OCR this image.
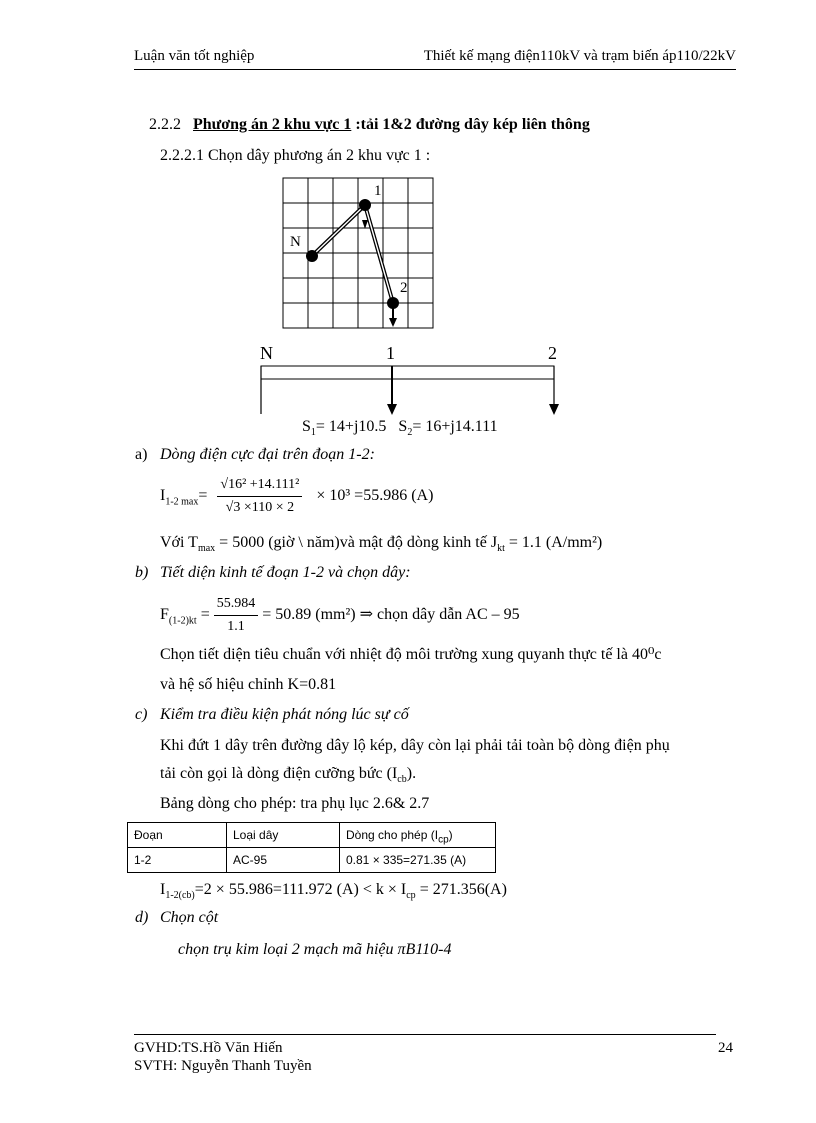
Luận văn tốt nghiệp	Thiết kế mạng điện110kV và trạm biến áp110/22kV
2.2.2 Phương án 2 khu vực 1 :tải 1&2 đường dây kép liên thông
2.2.2.1 Chọn dây phương án 2 khu vực 1 :
1
N
2
N	1	2
$S_1= 14+j10.5$ $S_2= 16+j14.111$
a) Dòng điện cực đại trên đoạn 1-2:
$I_{1-2 max}= \frac{\text{√16² +14.111²}}{√3 \times 110 \times 2} \times 10^3 =55.986$ (A)
Với $T_{max} = 5000$ (giờ \ năm)và mật độ dòng kinh tế $J_{kt} = 1.1$ (A/mm²)
b) Tiết diện kinh tế đoạn 1-2 và chọn dây:
$F_{(1-2)kt} = \frac{55.984}{1.1} = 50.89$ (mm²) ⇒ chọn dây dẫn AC – 95
Chọn tiết diện tiêu chuẩn với nhiệt độ môi trường xung quyanh thực tế là 40⁰c
và hệ số hiệu chỉnh K=0.81
c) Kiểm tra điều kiện phát nóng lúc sự cố
Khi đứt 1 dây trên đường dây lộ kép, dây còn lại phải tải toàn bộ dòng điện phụ
tải còn gọi là dòng điện cưỡng bức $(I_{cb})$.
Bảng dòng cho phép: tra phụ lục 2.6& 2.7
Đoạn	Loại dây	Dòng cho phép $(I_{cp})$
1-2	AC-95	0.81 × 335=271.35 (A)
$I_{1-2(cb)}=2 \times 55.986=111.972$ $(A) < k \times I_{cp} = 271.356(A)$
d) Chọn cột
chọn trụ kim loại 2 mạch mã hiệu πB110-4
GVHD:TS.Hồ Văn Hiến
SVTH: Nguyễn Thanh Tuyền
24
